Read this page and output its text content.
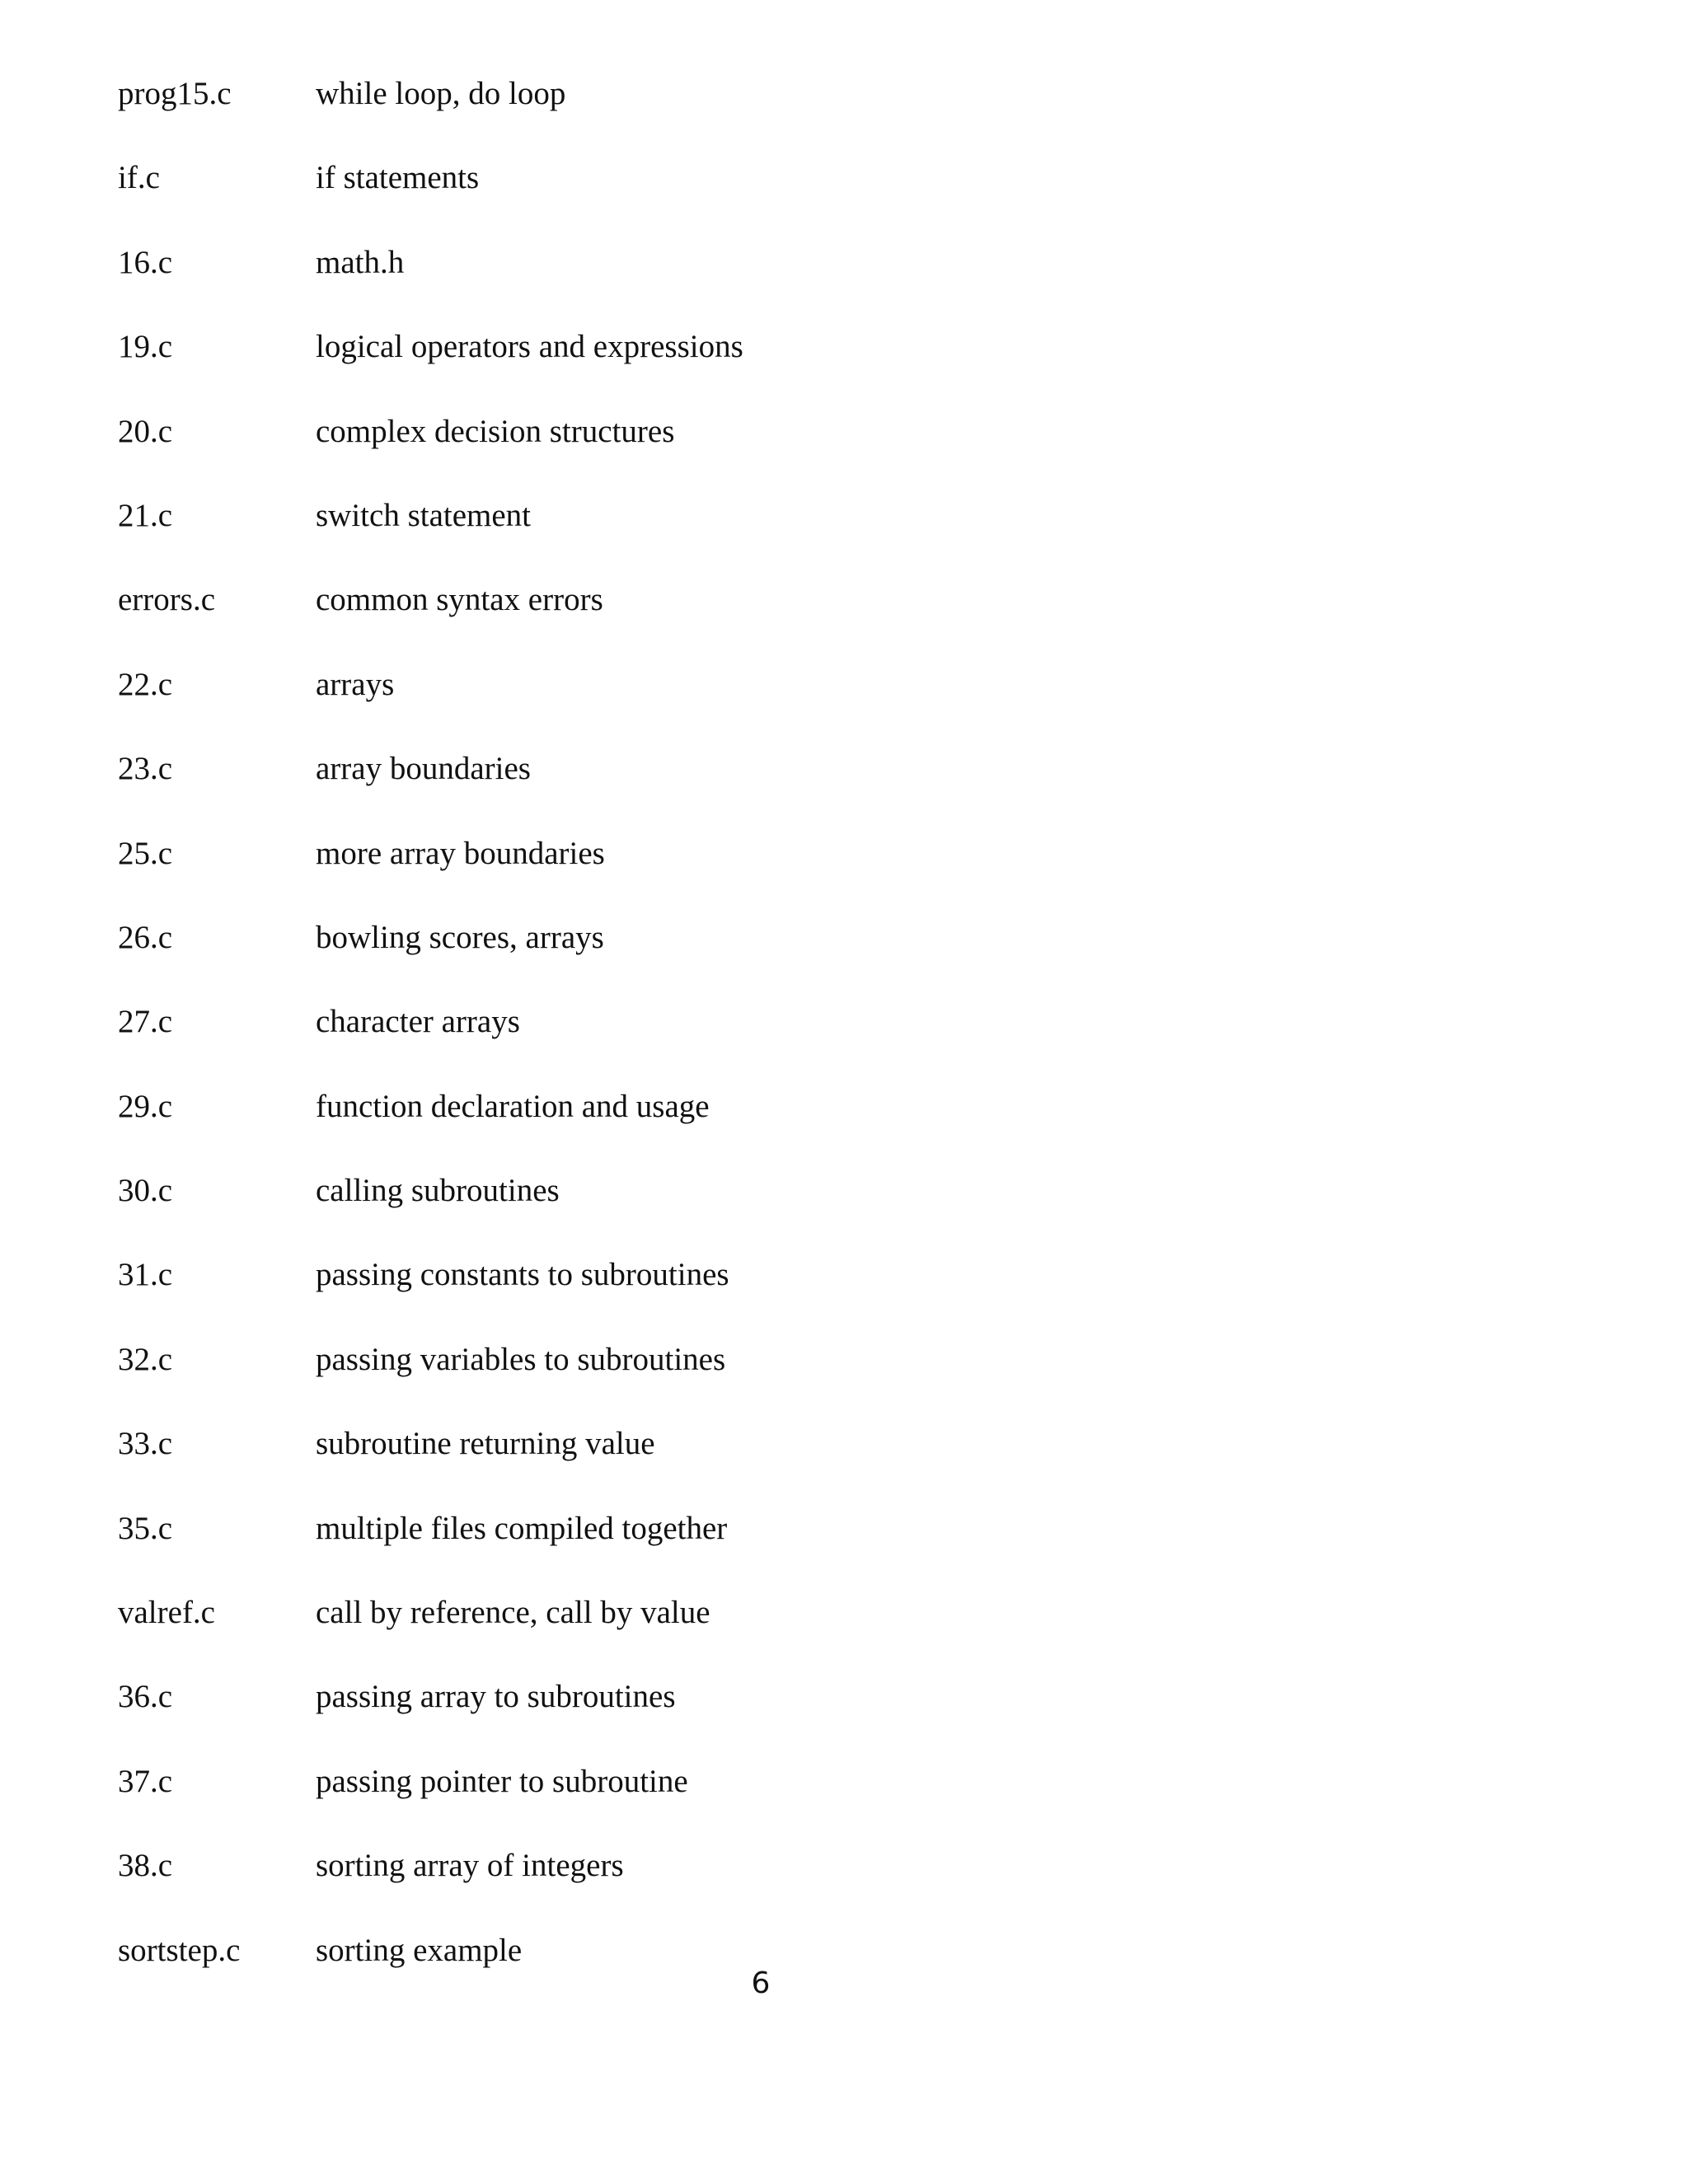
prog15.c	while loop, do loop
if.c	if statements
16.c	math.h
19.c	logical operators and expressions
20.c	complex decision structures
21.c	switch statement
errors.c	common syntax errors
22.c	arrays
23.c	array boundaries
25.c	more array boundaries
26.c	bowling scores, arrays
27.c	character arrays
29.c	function declaration and usage
30.c	calling subroutines
31.c	passing constants to subroutines
32.c	passing variables to subroutines
33.c	subroutine returning value
35.c	multiple files compiled together
valref.c	call by reference, call by value
36.c	passing array to subroutines
37.c	passing pointer to subroutine
38.c	sorting array of integers
sortstep.c	sorting example
6
